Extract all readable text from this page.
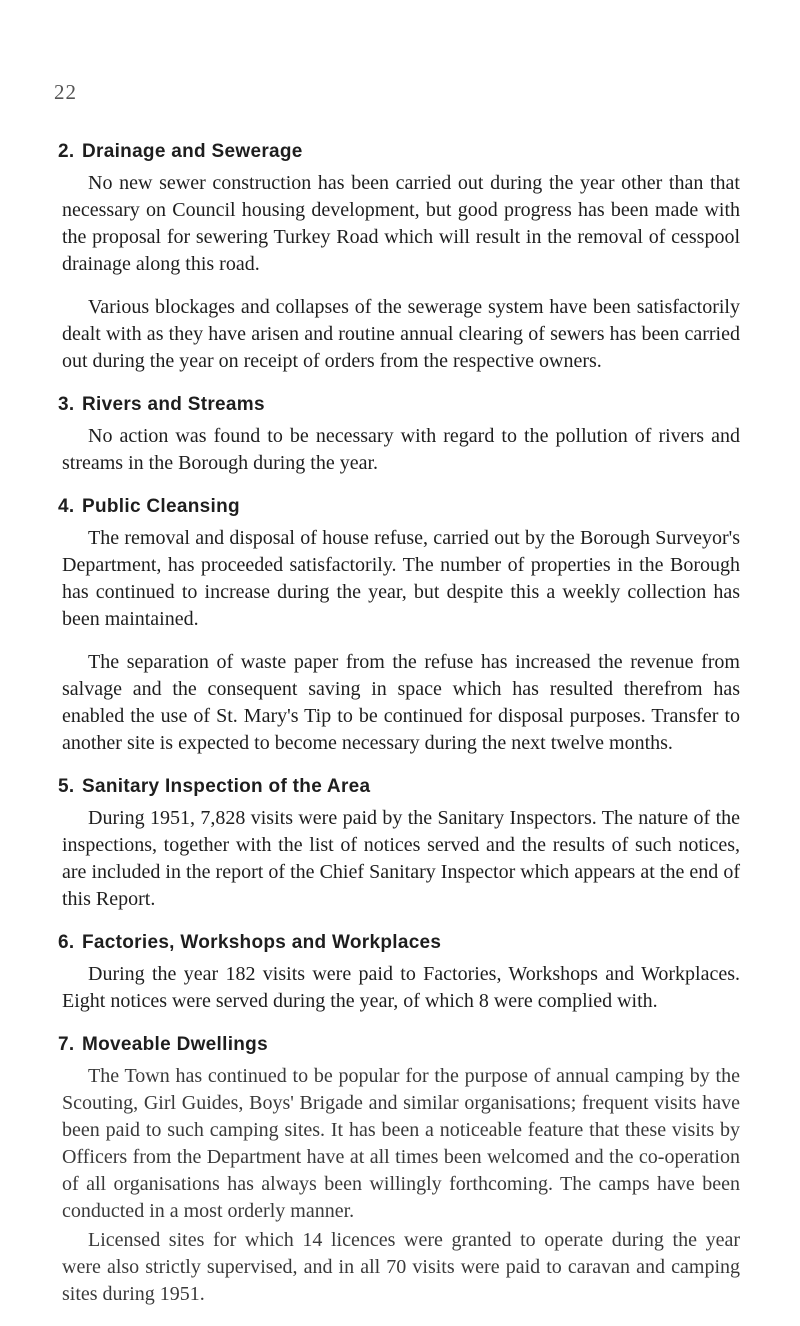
22
2. Drainage and Sewerage

No new sewer construction has been carried out during the year other than that necessary on Council housing development, but good progress has been made with the proposal for sewering Turkey Road which will result in the removal of cesspool drainage along this road.

Various blockages and collapses of the sewerage system have been satisfactorily dealt with as they have arisen and routine annual clearing of sewers has been carried out during the year on receipt of orders from the respective owners.

3. Rivers and Streams

No action was found to be necessary with regard to the pollution of rivers and streams in the Borough during the year.

4. Public Cleansing

The removal and disposal of house refuse, carried out by the Borough Surveyor's Department, has proceeded satisfactorily. The number of properties in the Borough has continued to increase during the year, but despite this a weekly collection has been maintained.

The separation of waste paper from the refuse has increased the revenue from salvage and the consequent saving in space which has resulted therefrom has enabled the use of St. Mary's Tip to be continued for disposal purposes. Transfer to another site is expected to become necessary during the next twelve months.

5. Sanitary Inspection of the Area

During 1951, 7,828 visits were paid by the Sanitary Inspectors. The nature of the inspections, together with the list of notices served and the results of such notices, are included in the report of the Chief Sanitary Inspector which appears at the end of this Report.

6. Factories, Workshops and Workplaces

During the year 182 visits were paid to Factories, Workshops and Workplaces. Eight notices were served during the year, of which 8 were complied with.

7. Moveable Dwellings

The Town has continued to be popular for the purpose of annual camping by the Scouting, Girl Guides, Boys' Brigade and similar organisations; frequent visits have been paid to such camping sites. It has been a noticeable feature that these visits by Officers from the Department have at all times been welcomed and the co-operation of all organisations has always been willingly forthcoming. The camps have been conducted in a most orderly manner.

Licensed sites for which 14 licences were granted to operate during the year were also strictly supervised, and in all 70 visits were paid to caravan and camping sites during 1951.
